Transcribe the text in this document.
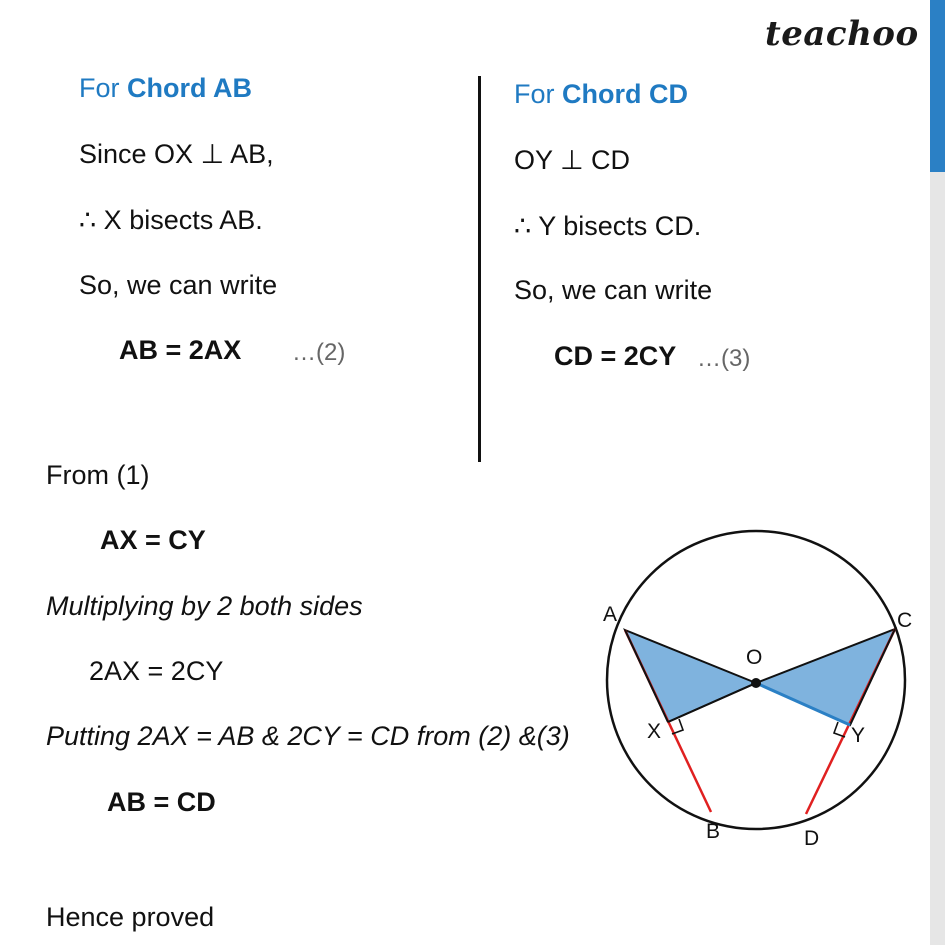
teachoo
For Chord AB
Since OX ⊥ AB,
∴ X bisects AB.
So, we can write
AB = 2AX …(2)
For Chord CD
OY ⊥ CD
∴ Y bisects CD.
So, we can write
CD = 2CY …(3)
From (1)
AX = CY
Multiplying by 2 both sides
2AX = 2CY
Putting 2AX = AB & 2CY = CD from (2) &(3)
AB = CD
Hence proved
A
B
C
D
O
X	Y
